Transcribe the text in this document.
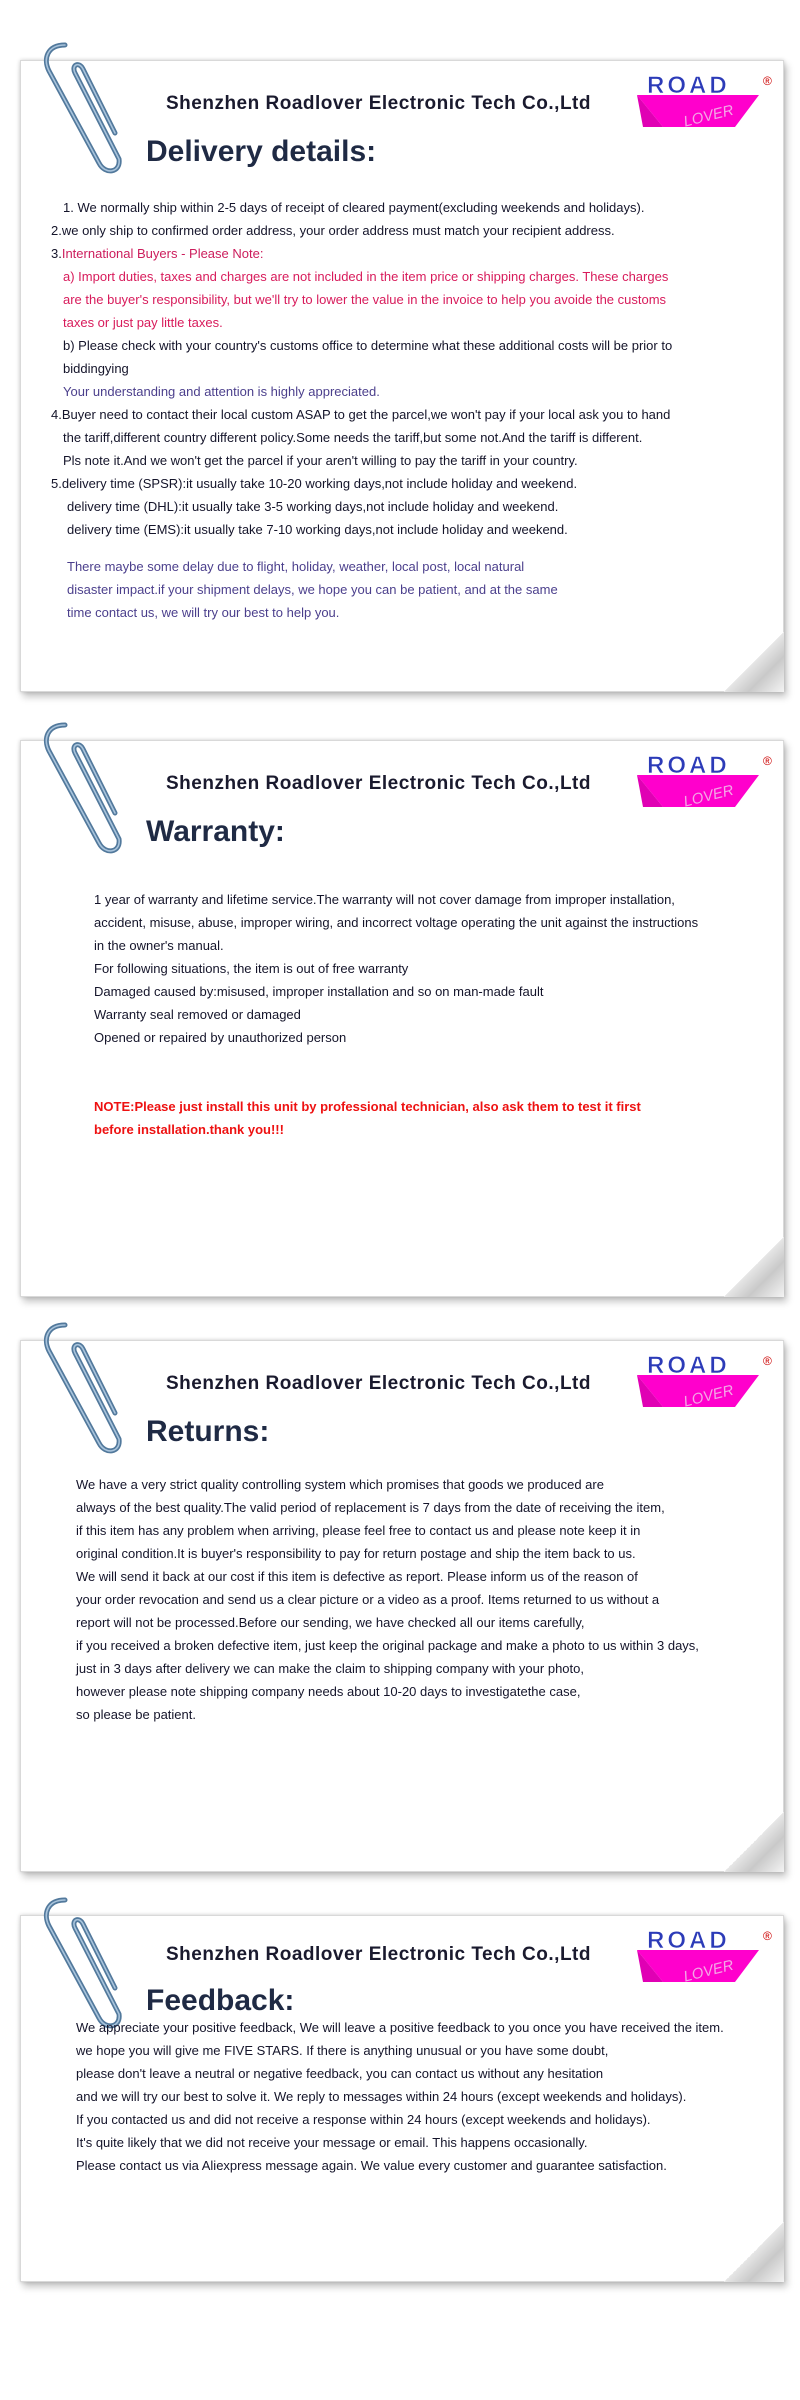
Shenzhen Roadlover Electronic Tech Co.,Ltd
ROAD	®
LOVER
Delivery details:
1. We normally ship within 2-5 days of receipt of cleared payment(excluding weekends and holidays).
2.we only ship to confirmed order address, your order address must match your recipient address.
3.International Buyers - Please Note:
a) Import duties, taxes and charges are not included in the item price or shipping charges. These charges
are the buyer's responsibility, but we'll try to lower the value in the invoice to help you avoide the customs
taxes or just pay little taxes.
b) Please check with your country's customs office to determine what these additional costs will be prior to
biddingying
Your understanding and attention is highly appreciated.
4.Buyer need to contact their local custom ASAP to get the parcel,we won't pay if your local ask you to hand
the tariff,different country different policy.Some needs the tariff,but some not.And the tariff is different.
Pls note it.And we won't get the parcel if your aren't willing to pay the tariff in your country.
5.delivery time (SPSR):it usually take 10-20 working days,not include holiday and weekend.
delivery time (DHL):it usually take 3-5 working days,not include holiday and weekend.
delivery time (EMS):it usually take 7-10 working days,not include holiday and weekend.
There maybe some delay due to flight, holiday, weather, local post, local natural
disaster impact.if your shipment delays, we hope you can be patient, and at the same
time contact us, we will try our best to help you.
Shenzhen Roadlover Electronic Tech Co.,Ltd
ROAD	®
LOVER
Warranty:
1 year of warranty and lifetime service.The warranty will not cover damage from improper installation,
accident, misuse, abuse, improper wiring, and incorrect voltage operating the unit against the instructions
in the owner's manual.
For following situations, the item is out of free warranty
Damaged caused by:misused, improper installation and so on man-made fault
Warranty seal removed or damaged
Opened or repaired by unauthorized person
NOTE:Please just install this unit by professional technician, also ask them to test it first
before installation.thank you!!!
Shenzhen Roadlover Electronic Tech Co.,Ltd
ROAD	®
LOVER
Returns:
We have a very strict quality controlling system which promises that goods we produced are
always of the best quality.The valid period of replacement is 7 days from the date of receiving the item,
if this item has any problem when arriving, please feel free to contact us and please note keep it in
original condition.It is buyer's responsibility to pay for return postage and ship the item back to us.
We will send it back at our cost if this item is defective as report. Please inform us of the reason of
your order revocation and send us a clear picture or a video as a proof. Items returned to us without a
report will not be processed.Before our sending, we have checked all our items carefully,
if you received a broken defective item, just keep the original package and make a photo to us within 3 days,
just in 3 days after delivery we can make the claim to shipping company with your photo,
however please note shipping company needs about 10-20 days to investigatethe case,
so please be patient.
Shenzhen Roadlover Electronic Tech Co.,Ltd
ROAD	®
LOVER
Feedback:
We appreciate your positive feedback, We will leave a positive feedback to you once you have received the item.
we hope you will give me FIVE STARS. If there is anything unusual or you have some doubt,
please don't leave a neutral or negative feedback, you can contact us without any hesitation
and we will try our best to solve it. We reply to messages within 24 hours (except weekends and holidays).
If you contacted us and did not receive a response within 24 hours (except weekends and holidays).
It's quite likely that we did not receive your message or email. This happens occasionally.
Please contact us via Aliexpress message again. We value every customer and guarantee satisfaction.
